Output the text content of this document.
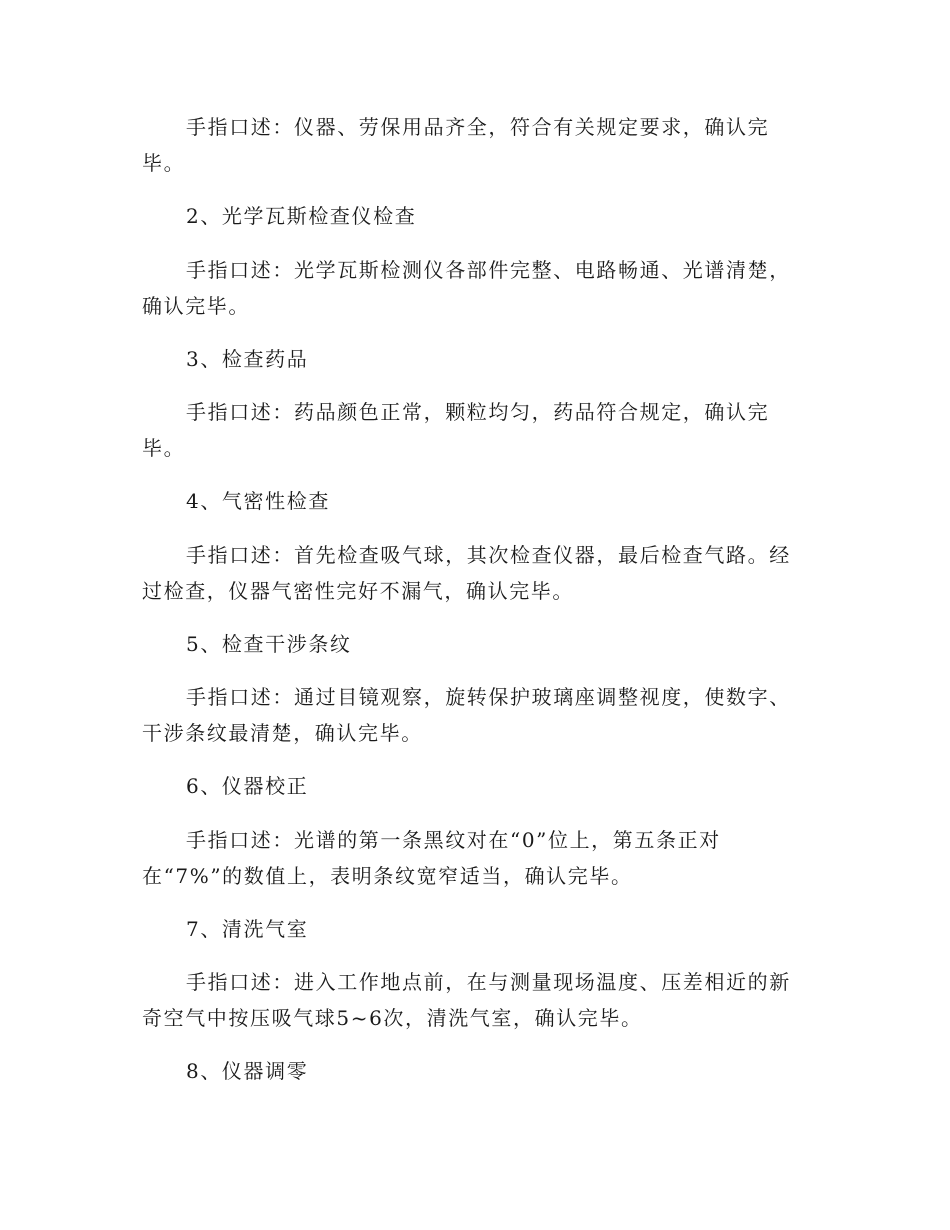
手指口述：仪器、劳保用品齐全，符合有关规定要求，确认完
毕。
2、光学瓦斯检查仪检查
手指口述：光学瓦斯检测仪各部件完整、电路畅通、光谱清楚，
确认完毕。
3、检查药品
手指口述：药品颜色正常，颗粒均匀，药品符合规定，确认完
毕。
4、气密性检查
手指口述：首先检查吸气球，其次检查仪器，最后检查气路。经
过检查，仪器气密性完好不漏气，确认完毕。
5、检查干涉条纹
手指口述：通过目镜观察，旋转保护玻璃座调整视度，使数字、
干涉条纹最清楚，确认完毕。
6、仪器校正
手指口述：光谱的第一条黑纹对在“0”位上，第五条正对
在“7%”的数值上，表明条纹宽窄适当，确认完毕。
7、清洗气室
手指口述：进入工作地点前，在与测量现场温度、压差相近的新
奇空气中按压吸气球5~6次，清洗气室，确认完毕。
8、仪器调零
